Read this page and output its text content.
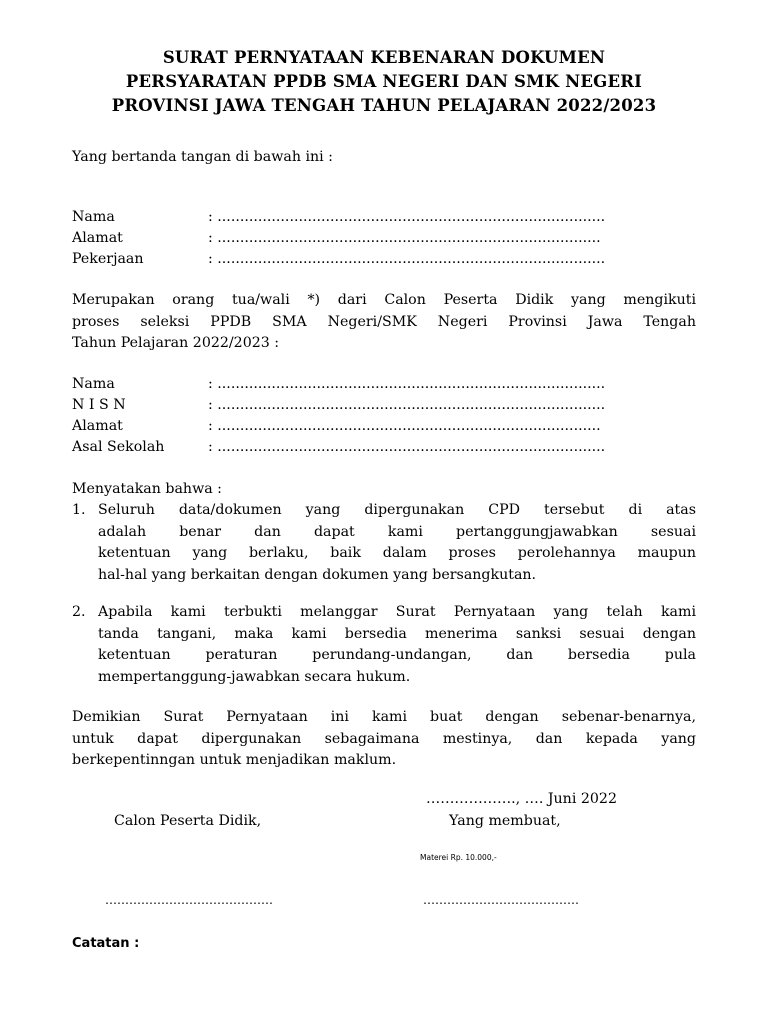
SURAT PERNYATAAN KEBENARAN DOKUMEN
PERSYARATAN PPDB SMA NEGERI DAN SMK NEGERI
PROVINSI JAWA TENGAH TAHUN PELAJARAN 2022/2023
Yang bertanda tangan di bawah ini :
Nama	: ......................................................................................
Alamat	: .....................................................................................
Pekerjaan	: ......................................................................................
Merupakan orang tua/wali *) dari Calon Peserta Didik yang mengikuti
proses seleksi PPDB SMA Negeri/SMK Negeri Provinsi Jawa Tengah
Tahun Pelajaran 2022/2023 :
Nama	: ......................................................................................
N I S N	: ......................................................................................
Alamat	: .....................................................................................
Asal Sekolah	: ......................................................................................
Menyatakan bahwa :
1. Seluruh data/dokumen yang dipergunakan CPD tersebut di atas
adalah benar dan dapat kami pertanggungjawabkan sesuai
ketentuan yang berlaku, baik dalam proses perolehannya maupun
hal-hal yang berkaitan dengan dokumen yang bersangkutan.
2. Apabila kami terbukti melanggar Surat Pernyataan yang telah kami
tanda tangani, maka kami bersedia menerima sanksi sesuai dengan
ketentuan peraturan perundang-undangan, dan bersedia pula
mempertanggung-jawabkan secara hukum.
Demikian Surat Pernyataan ini kami buat dengan sebenar-benarnya,
untuk dapat dipergunakan sebagaimana mestinya, dan kepada yang
berkepentinngan untuk menjadikan maklum.
………………., …. Juni 2022
Calon Peserta Didik,	Yang membuat,
Materei Rp. 10.000,-
……………………………………	…………………………………
Catatan :
